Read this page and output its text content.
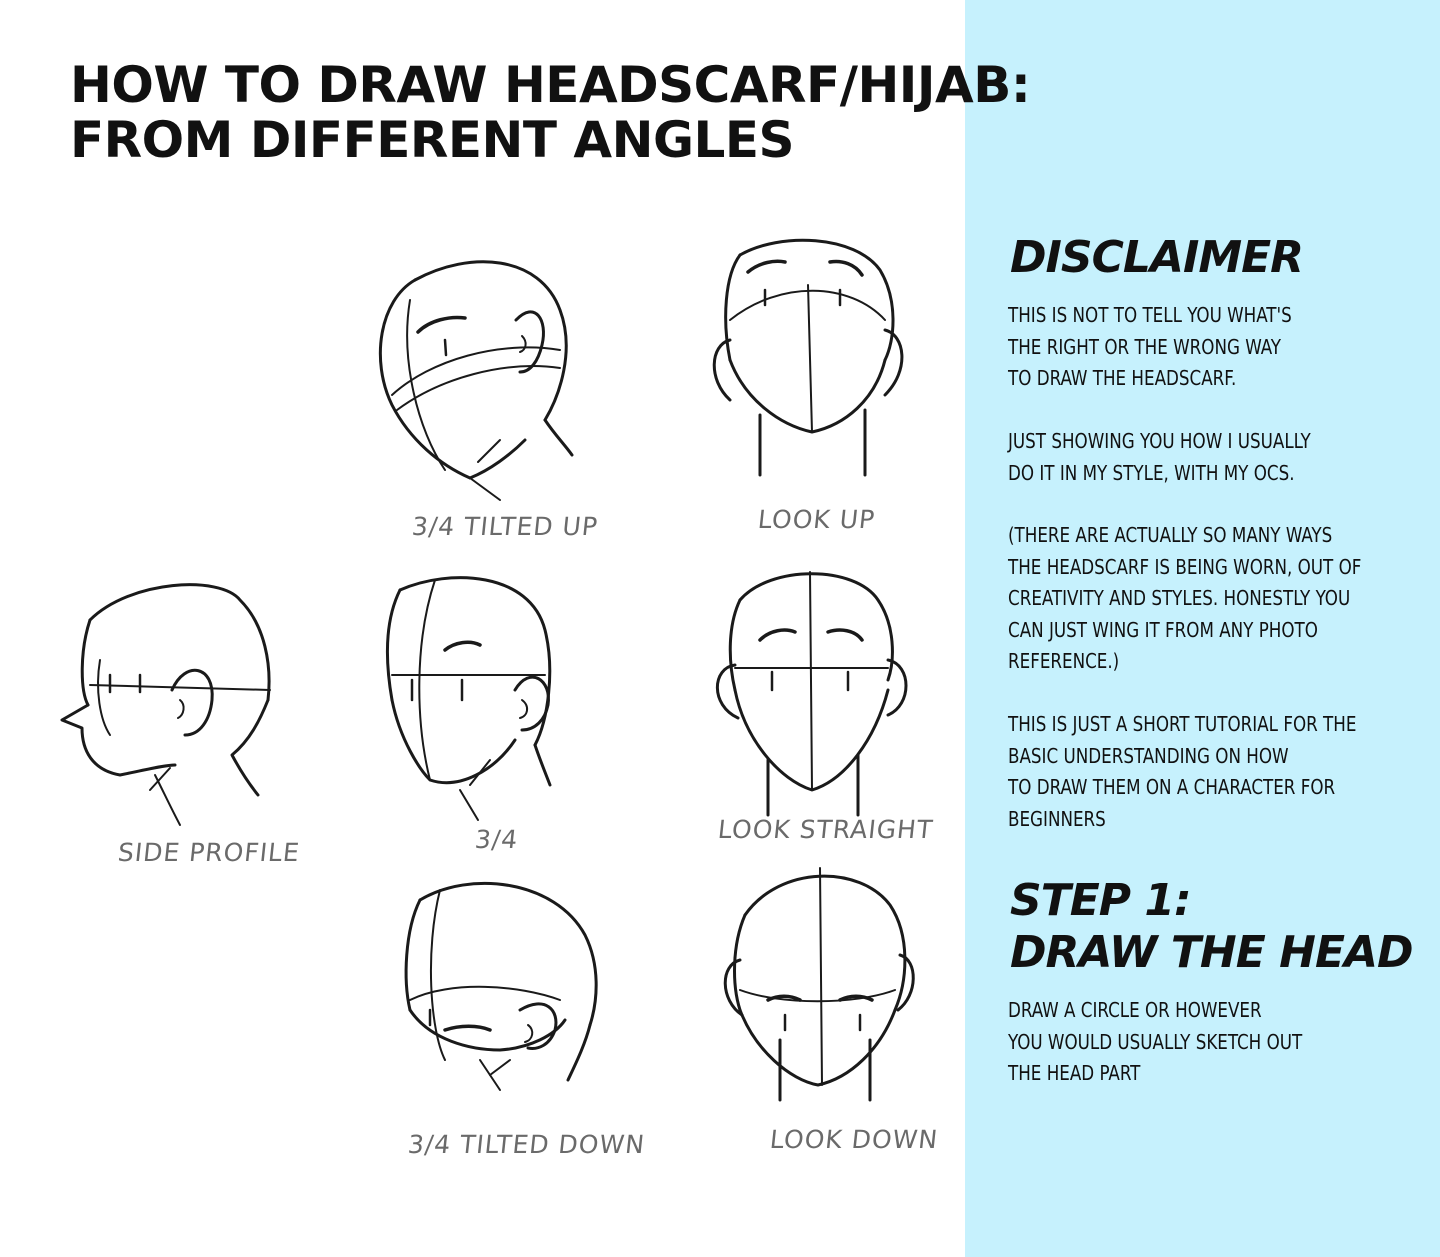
HOW TO DRAW HEADSCARF/HIJAB:
FROM DIFFERENT ANGLES
3/4 TILTED UP	LOOK UP
SIDE PROFILE	3/4	LOOK STRAIGHT
3/4 TILTED DOWN	LOOK DOWN
DISCLAIMER
THIS IS NOT TO TELL YOU WHAT'S
THE RIGHT OR THE WRONG WAY
TO DRAW THE HEADSCARF.
JUST SHOWING YOU HOW I USUALLY
DO IT IN MY STYLE, WITH MY OCS.
(THERE ARE ACTUALLY SO MANY WAYS
THE HEADSCARF IS BEING WORN, OUT OF
CREATIVITY AND STYLES. HONESTLY YOU
CAN JUST WING IT FROM ANY PHOTO
REFERENCE.)
THIS IS JUST A SHORT TUTORIAL FOR THE
BASIC UNDERSTANDING ON HOW
TO DRAW THEM ON A CHARACTER FOR
BEGINNERS
STEP 1:
DRAW THE HEAD
DRAW A CIRCLE OR HOWEVER
YOU WOULD USUALLY SKETCH OUT
THE HEAD PART
